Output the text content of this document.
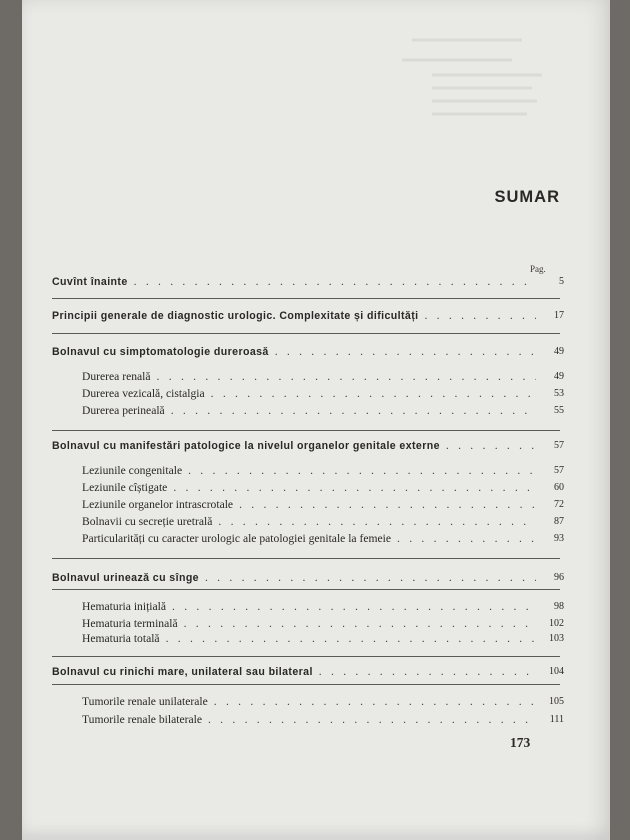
SUMAR
Pag.
Cuvînt înainte . . .	5
Principii generale de diagnostic urologic. Complexitate și dificultăți . . .	17
Bolnavul cu simptomatologie dureroasă . . .	49
Durerea renală . . .	49
Durerea vezicală, cistalgia . . .	53
Durerea perineală . . .	55
Bolnavul cu manifestări patologice la nivelul organelor genitale externe . . .	57
Leziunile congenitale . . .	57
Leziunile cîștigate . . .	60
Leziunile organelor intrascrotale . . .	72
Bolnavii cu secreție uretrală . . .	87
Particularități cu caracter urologic ale patologiei genitale la femeie . . .	93
Bolnavul urinează cu sînge . . .	96
Hematuria inițială . . .	98
Hematuria terminală . . .	102
Hematuria totală . . .	103
Bolnavul cu rinichi mare, unilateral sau bilateral . . .	104
Tumorile renale unilaterale . . .	105
Tumorile renale bilaterale . . .	111
173
